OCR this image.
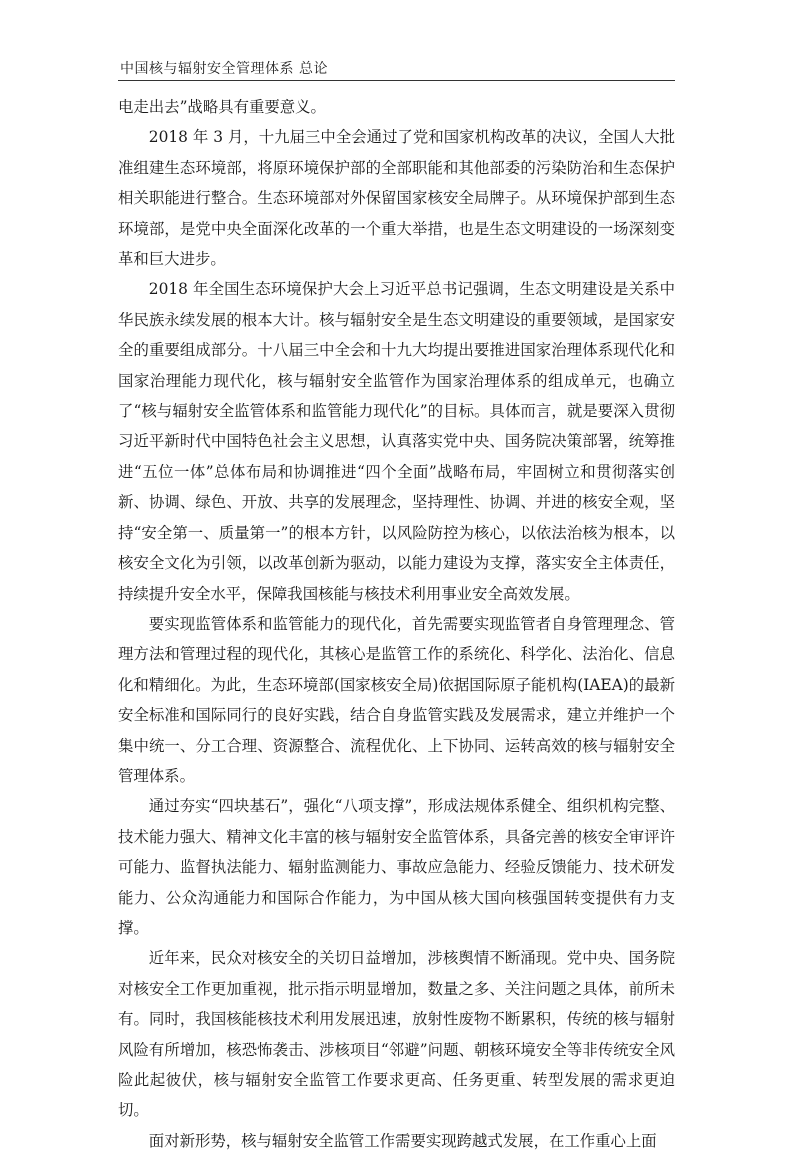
中国核与辐射安全管理体系 总论

电走出去”战略具有重要意义。

2018 年 3 月，十九届三中全会通过了党和国家机构改革的决议，全国人大批准组建生态环境部，将原环境保护部的全部职能和其他部委的污染防治和生态保护相关职能进行整合。生态环境部对外保留国家核安全局牌子。从环境保护部到生态环境部，是党中央全面深化改革的一个重大举措，也是生态文明建设的一场深刻变革和巨大进步。

2018 年全国生态环境保护大会上习近平总书记强调，生态文明建设是关系中华民族永续发展的根本大计。核与辐射安全是生态文明建设的重要领域，是国家安全的重要组成部分。十八届三中全会和十九大均提出要推进国家治理体系现代化和国家治理能力现代化，核与辐射安全监管作为国家治理体系的组成单元，也确立了“核与辐射安全监管体系和监管能力现代化”的目标。具体而言，就是要深入贯彻习近平新时代中国特色社会主义思想，认真落实党中央、国务院决策部署，统筹推进“五位一体”总体布局和协调推进“四个全面”战略布局，牢固树立和贯彻落实创新、协调、绿色、开放、共享的发展理念，坚持理性、协调、并进的核安全观，坚持“安全第一、质量第一”的根本方针，以风险防控为核心，以依法治核为根本，以核安全文化为引领，以改革创新为驱动，以能力建设为支撑，落实安全主体责任，持续提升安全水平，保障我国核能与核技术利用事业安全高效发展。

要实现监管体系和监管能力的现代化，首先需要实现监管者自身管理理念、管理方法和管理过程的现代化，其核心是监管工作的系统化、科学化、法治化、信息化和精细化。为此，生态环境部(国家核安全局)依据国际原子能机构(IAEA)的最新安全标准和国际同行的良好实践，结合自身监管实践及发展需求，建立并维护一个集中统一、分工合理、资源整合、流程优化、上下协同、运转高效的核与辐射安全管理体系。

通过夯实“四块基石”，强化“八项支撑”，形成法规体系健全、组织机构完整、技术能力强大、精神文化丰富的核与辐射安全监管体系，具备完善的核安全审评许可能力、监督执法能力、辐射监测能力、事故应急能力、经验反馈能力、技术研发能力、公众沟通能力和国际合作能力，为中国从核大国向核强国转变提供有力支撑。

近年来，民众对核安全的关切日益增加，涉核舆情不断涌现。党中央、国务院对核安全工作更加重视，批示指示明显增加，数量之多、关注问题之具体，前所未有。同时，我国核能核技术利用发展迅速，放射性废物不断累积，传统的核与辐射风险有所增加，核恐怖袭击、涉核项目“邻避”问题、朝核环境安全等非传统安全风险此起彼伏，核与辐射安全监管工作要求更高、任务更重、转型发展的需求更迫切。

面对新形势，核与辐射安全监管工作需要实现跨越式发展，在工作重心上面
